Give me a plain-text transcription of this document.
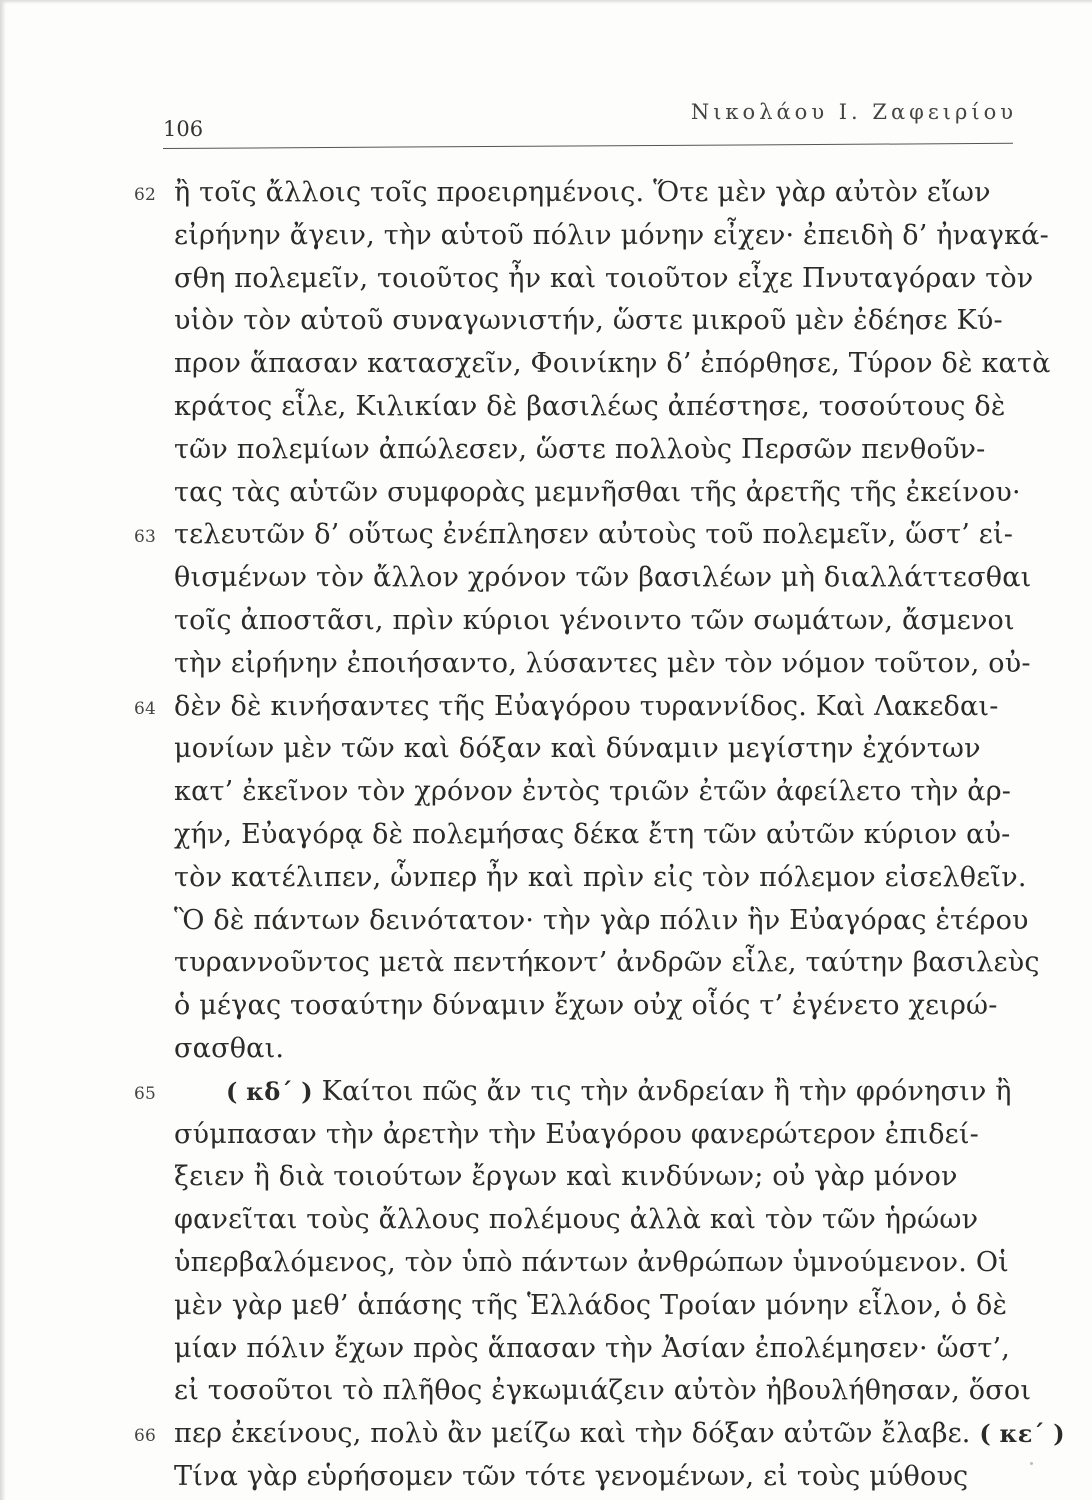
106
Νικολάου Ι. Ζαφειρίου
62 ἢ τοῖς ἄλλοις τοῖς προειρημένοις. Ὅτε μὲν γὰρ αὐτὸν εἴων
εἰρήνην ἄγειν, τὴν αὑτοῦ πόλιν μόνην εἶχεν· ἐπειδὴ δ’ ἠναγκά-
σθη πολεμεῖν, τοιοῦτος ἦν καὶ τοιοῦτον εἶχε Πνυταγόραν τὸν
υἱὸν τὸν αὑτοῦ συναγωνιστήν, ὥστε μικροῦ μὲν ἐδέησε Κύ-
προν ἅπασαν κατασχεῖν, Φοινίκην δ’ ἐπόρθησε, Τύρον δὲ κατὰ
κράτος εἷλε, Κιλικίαν δὲ βασιλέως ἀπέστησε, τοσούτους δὲ
τῶν πολεμίων ἀπώλεσεν, ὥστε πολλοὺς Περσῶν πενθοῦν-
τας τὰς αὑτῶν συμφορὰς μεμνῆσθαι τῆς ἀρετῆς τῆς ἐκείνου·
63 τελευτῶν δ’ οὕτως ἐνέπλησεν αὐτοὺς τοῦ πολεμεῖν, ὥστ’ εἰ-
θισμένων τὸν ἄλλον χρόνον τῶν βασιλέων μὴ διαλλάττεσθαι
τοῖς ἀποστᾶσι, πρὶν κύριοι γένοιντο τῶν σωμάτων, ἄσμενοι
τὴν εἰρήνην ἐποιήσαντο, λύσαντες μὲν τὸν νόμον τοῦτον, οὐ-
64 δὲν δὲ κινήσαντες τῆς Εὐαγόρου τυραννίδος. Καὶ Λακεδαι-
μονίων μὲν τῶν καὶ δόξαν καὶ δύναμιν μεγίστην ἐχόντων
κατ’ ἐκεῖνον τὸν χρόνον ἐντὸς τριῶν ἐτῶν ἀφείλετο τὴν ἀρ-
χήν, Εὐαγόρᾳ δὲ πολεμήσας δέκα ἔτη τῶν αὐτῶν κύριον αὐ-
τὸν κατέλιπεν, ὧνπερ ἦν καὶ πρὶν εἰς τὸν πόλεμον εἰσελθεῖν.
Ὃ δὲ πάντων δεινότατον· τὴν γὰρ πόλιν ἣν Εὐαγόρας ἑτέρου
τυραννοῦντος μετὰ πεντήκοντ’ ἀνδρῶν εἷλε, ταύτην βασιλεὺς
ὁ μέγας τοσαύτην δύναμιν ἔχων οὐχ οἷός τ’ ἐγένετο χειρώ-
σασθαι.
65	( κδ΄ ) Καίτοι πῶς ἄν τις τὴν ἀνδρείαν ἢ τὴν φρόνησιν ἢ
σύμπασαν τὴν ἀρετὴν τὴν Εὐαγόρου φανερώτερον ἐπιδεί-
ξειεν ἢ διὰ τοιούτων ἔργων καὶ κινδύνων; οὐ γὰρ μόνον
φανεῖται τοὺς ἄλλους πολέμους ἀλλὰ καὶ τὸν τῶν ἡρώων
ὑπερβαλόμενος, τὸν ὑπὸ πάντων ἀνθρώπων ὑμνούμενον. Οἱ
μὲν γὰρ μεθ’ ἁπάσης τῆς Ἑλλάδος Τροίαν μόνην εἷλον, ὁ δὲ
μίαν πόλιν ἔχων πρὸς ἅπασαν τὴν Ἀσίαν ἐπολέμησεν· ὥστ’,
εἰ τοσοῦτοι τὸ πλῆθος ἐγκωμιάζειν αὐτὸν ἠβουλήθησαν, ὅσοι
66 περ ἐκείνους, πολὺ ἂν μείζω καὶ τὴν δόξαν αὐτῶν ἔλαβε. ( κε΄ )
Τίνα γὰρ εὑρήσομεν τῶν τότε γενομένων, εἰ τοὺς μύθους
